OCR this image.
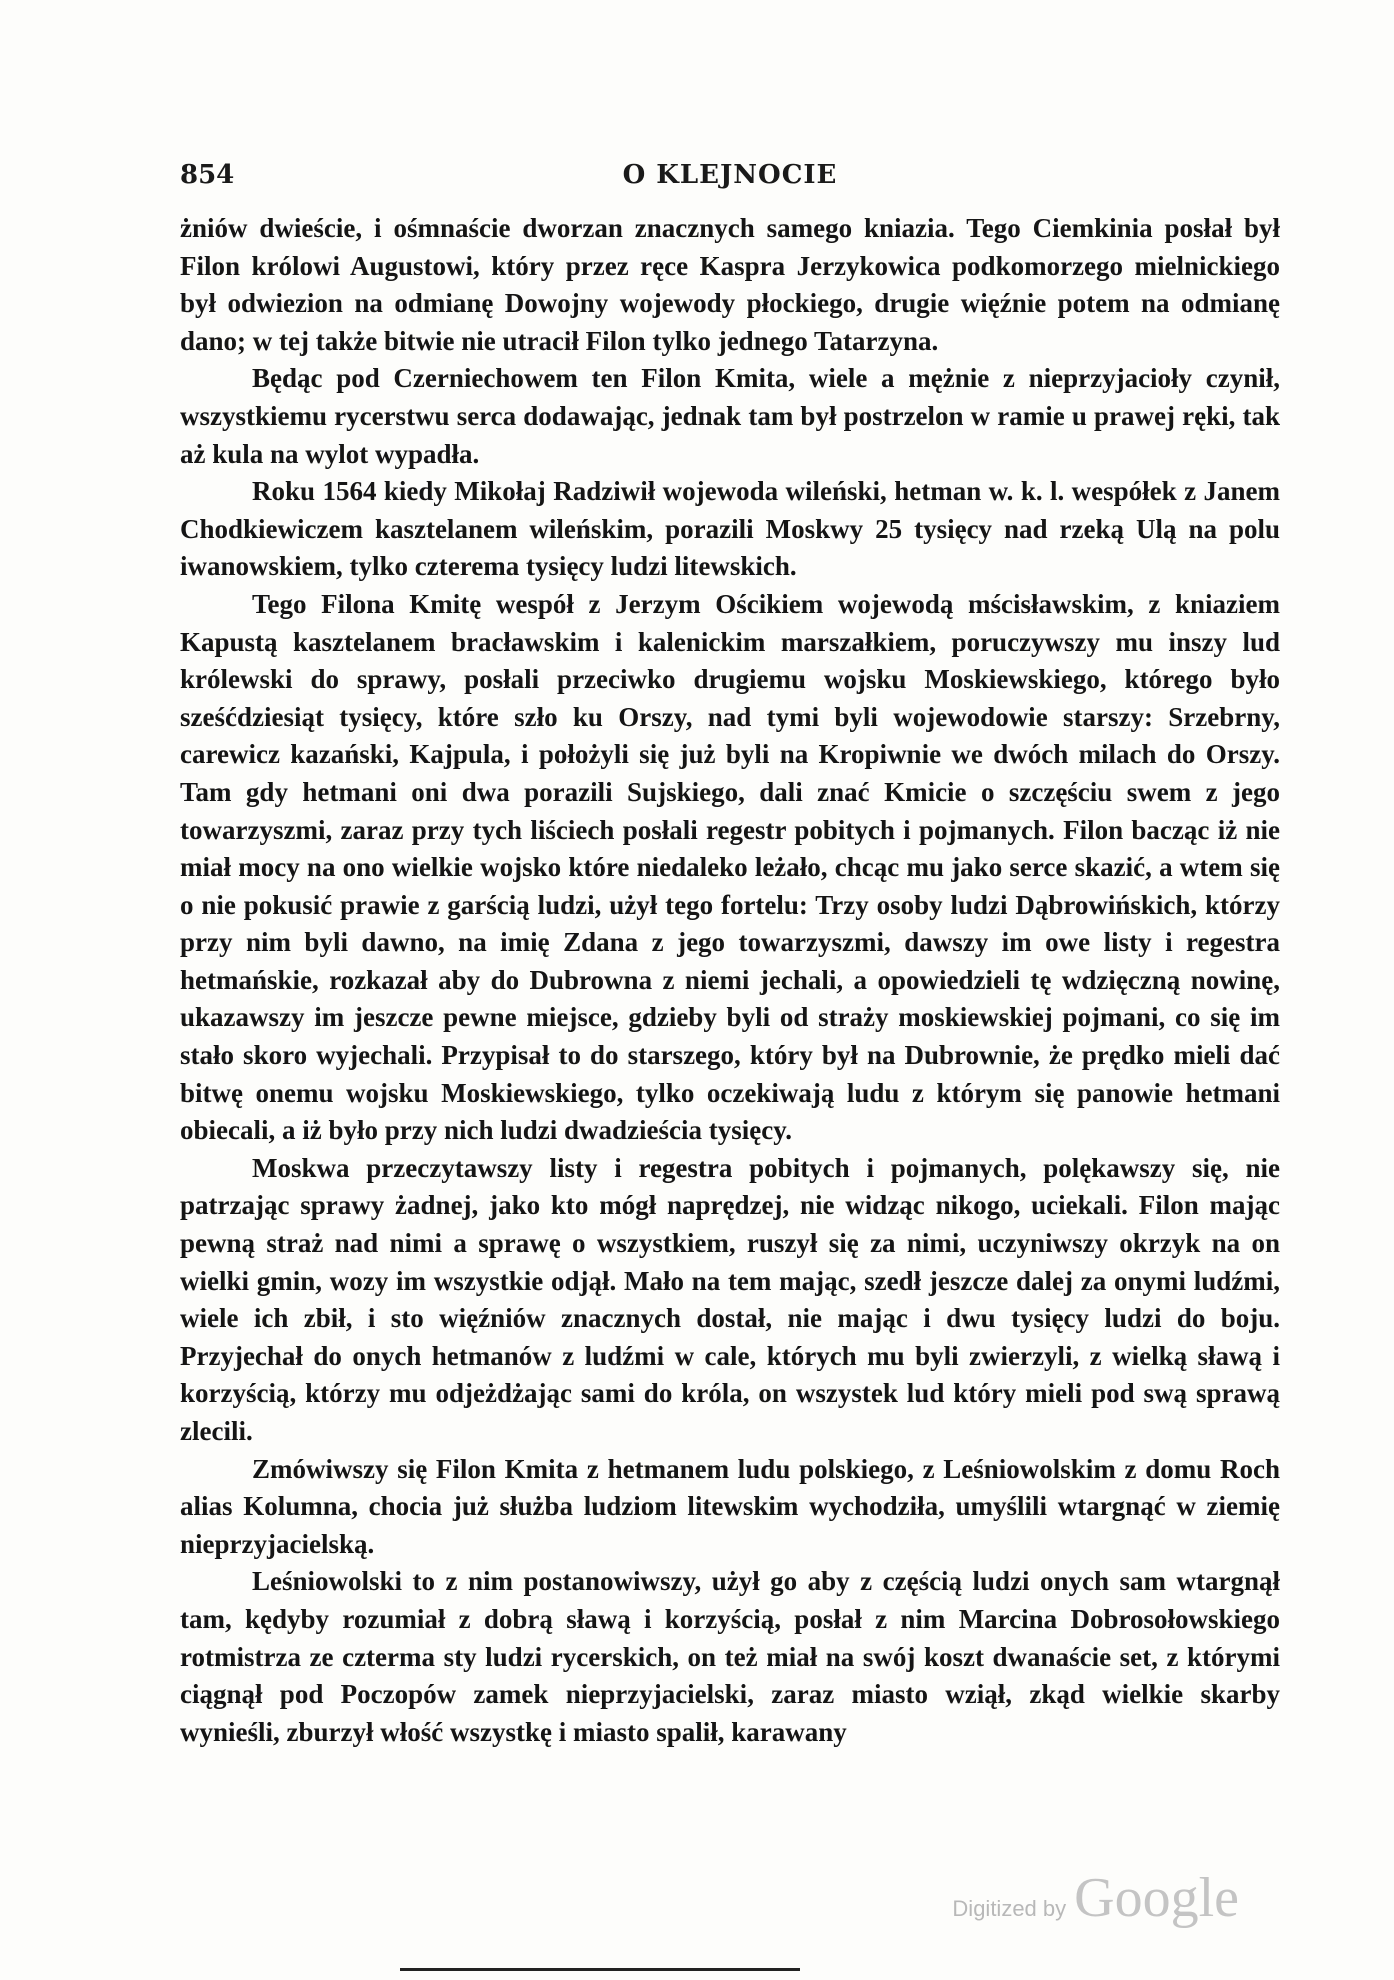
854	O KLEJNOCIE

żniów dwieście, i ośmnaście dworzan znacznych samego kniazia. Tego Ciemkinia posłał był Filon królowi Augustowi, który przez ręce Kaspra Jerzykowica podkomorzego mielnickiego był odwiezion na odmianę Dowojny wojewody płockiego, drugie więźnie potem na odmianę dano; w tej także bitwie nie utracił Filon tylko jednego Tatarzyna.

Będąc pod Czerniechowem ten Filon Kmita, wiele a mężnie z nieprzyjacioły czynił, wszystkiemu rycerstwu serca dodawając, jednak tam był postrzelon w ramie u prawej ręki, tak aż kula na wylot wypadła.

Roku 1564 kiedy Mikołaj Radziwił wojewoda wileński, hetman w. k. l. wespółek z Janem Chodkiewiczem kasztelanem wileńskim, porazili Moskwy 25 tysięcy nad rzeką Ulą na polu iwanowskiem, tylko czterema tysięcy ludzi litewskich.

Tego Filona Kmitę wespół z Jerzym Ościkiem wojewodą mścisławskim, z kniaziem Kapustą kasztelanem bracławskim i kalenickim marszałkiem, poruczywszy mu inszy lud królewski do sprawy, posłali przeciwko drugiemu wojsku Moskiewskiego, którego było sześćdziesiąt tysięcy, które szło ku Orszy, nad tymi byli wojewodowie starszy: Srzebrny, carewicz kazański, Kajpula, i położyli się już byli na Kropiwnie we dwóch milach do Orszy. Tam gdy hetmani oni dwa porazili Sujskiego, dali znać Kmicie o szczęściu swem z jego towarzyszmi, zaraz przy tych liściech posłali regestr pobitych i pojmanych. Filon bacząc iż nie miał mocy na ono wielkie wojsko które niedaleko leżało, chcąc mu jako serce skazić, a wtem się o nie pokusić prawie z garścią ludzi, użył tego fortelu: Trzy osoby ludzi Dąbrowińskich, którzy przy nim byli dawno, na imię Zdana z jego towarzyszmi, dawszy im owe listy i regestra hetmańskie, rozkazał aby do Dubrowna z niemi jechali, a opowiedzieli tę wdzięczną nowinę, ukazawszy im jeszcze pewne miejsce, gdzieby byli od straży moskiewskiej pojmani, co się im stało skoro wyjechali. Przypisał to do starszego, który był na Dubrownie, że prędko mieli dać bitwę onemu wojsku Moskiewskiego, tylko oczekiwają ludu z którym się panowie hetmani obiecali, a iż było przy nich ludzi dwadzieścia tysięcy.

Moskwa przeczytawszy listy i regestra pobitych i pojmanych, polękawszy się, nie patrzając sprawy żadnej, jako kto mógł naprędzej, nie widząc nikogo, uciekali. Filon mając pewną straż nad nimi a sprawę o wszystkiem, ruszył się za nimi, uczyniwszy okrzyk na on wielki gmin, wozy im wszystkie odjął. Mało na tem mając, szedł jeszcze dalej za onymi ludźmi, wiele ich zbił, i sto więźniów znacznych dostał, nie mając i dwu tysięcy ludzi do boju. Przyjechał do onych hetmanów z ludźmi w cale, których mu byli zwierzyli, z wielką sławą i korzyścią, którzy mu odjeżdżając sami do króla, on wszystek lud który mieli pod swą sprawą zlecili.

Zmówiwszy się Filon Kmita z hetmanem ludu polskiego, z Leśniowolskim z domu Roch alias Kolumna, chocia już służba ludziom litewskim wychodziła, umyślili wtargnąć w ziemię nieprzyjacielską.

Leśniowolski to z nim postanowiwszy, użył go aby z częścią ludzi onych sam wtargnął tam, kędyby rozumiał z dobrą sławą i korzyścią, posłał z nim Marcina Dobrosołowskiego rotmistrza ze czterma sty ludzi rycerskich, on też miał na swój koszt dwanaście set, z którymi ciągnął pod Poczopów zamek nieprzyjacielski, zaraz miasto wziął, zkąd wielkie skarby wynieśli, zburzył włość wszystkę i miasto spalił, karawany

Digitized by Google
